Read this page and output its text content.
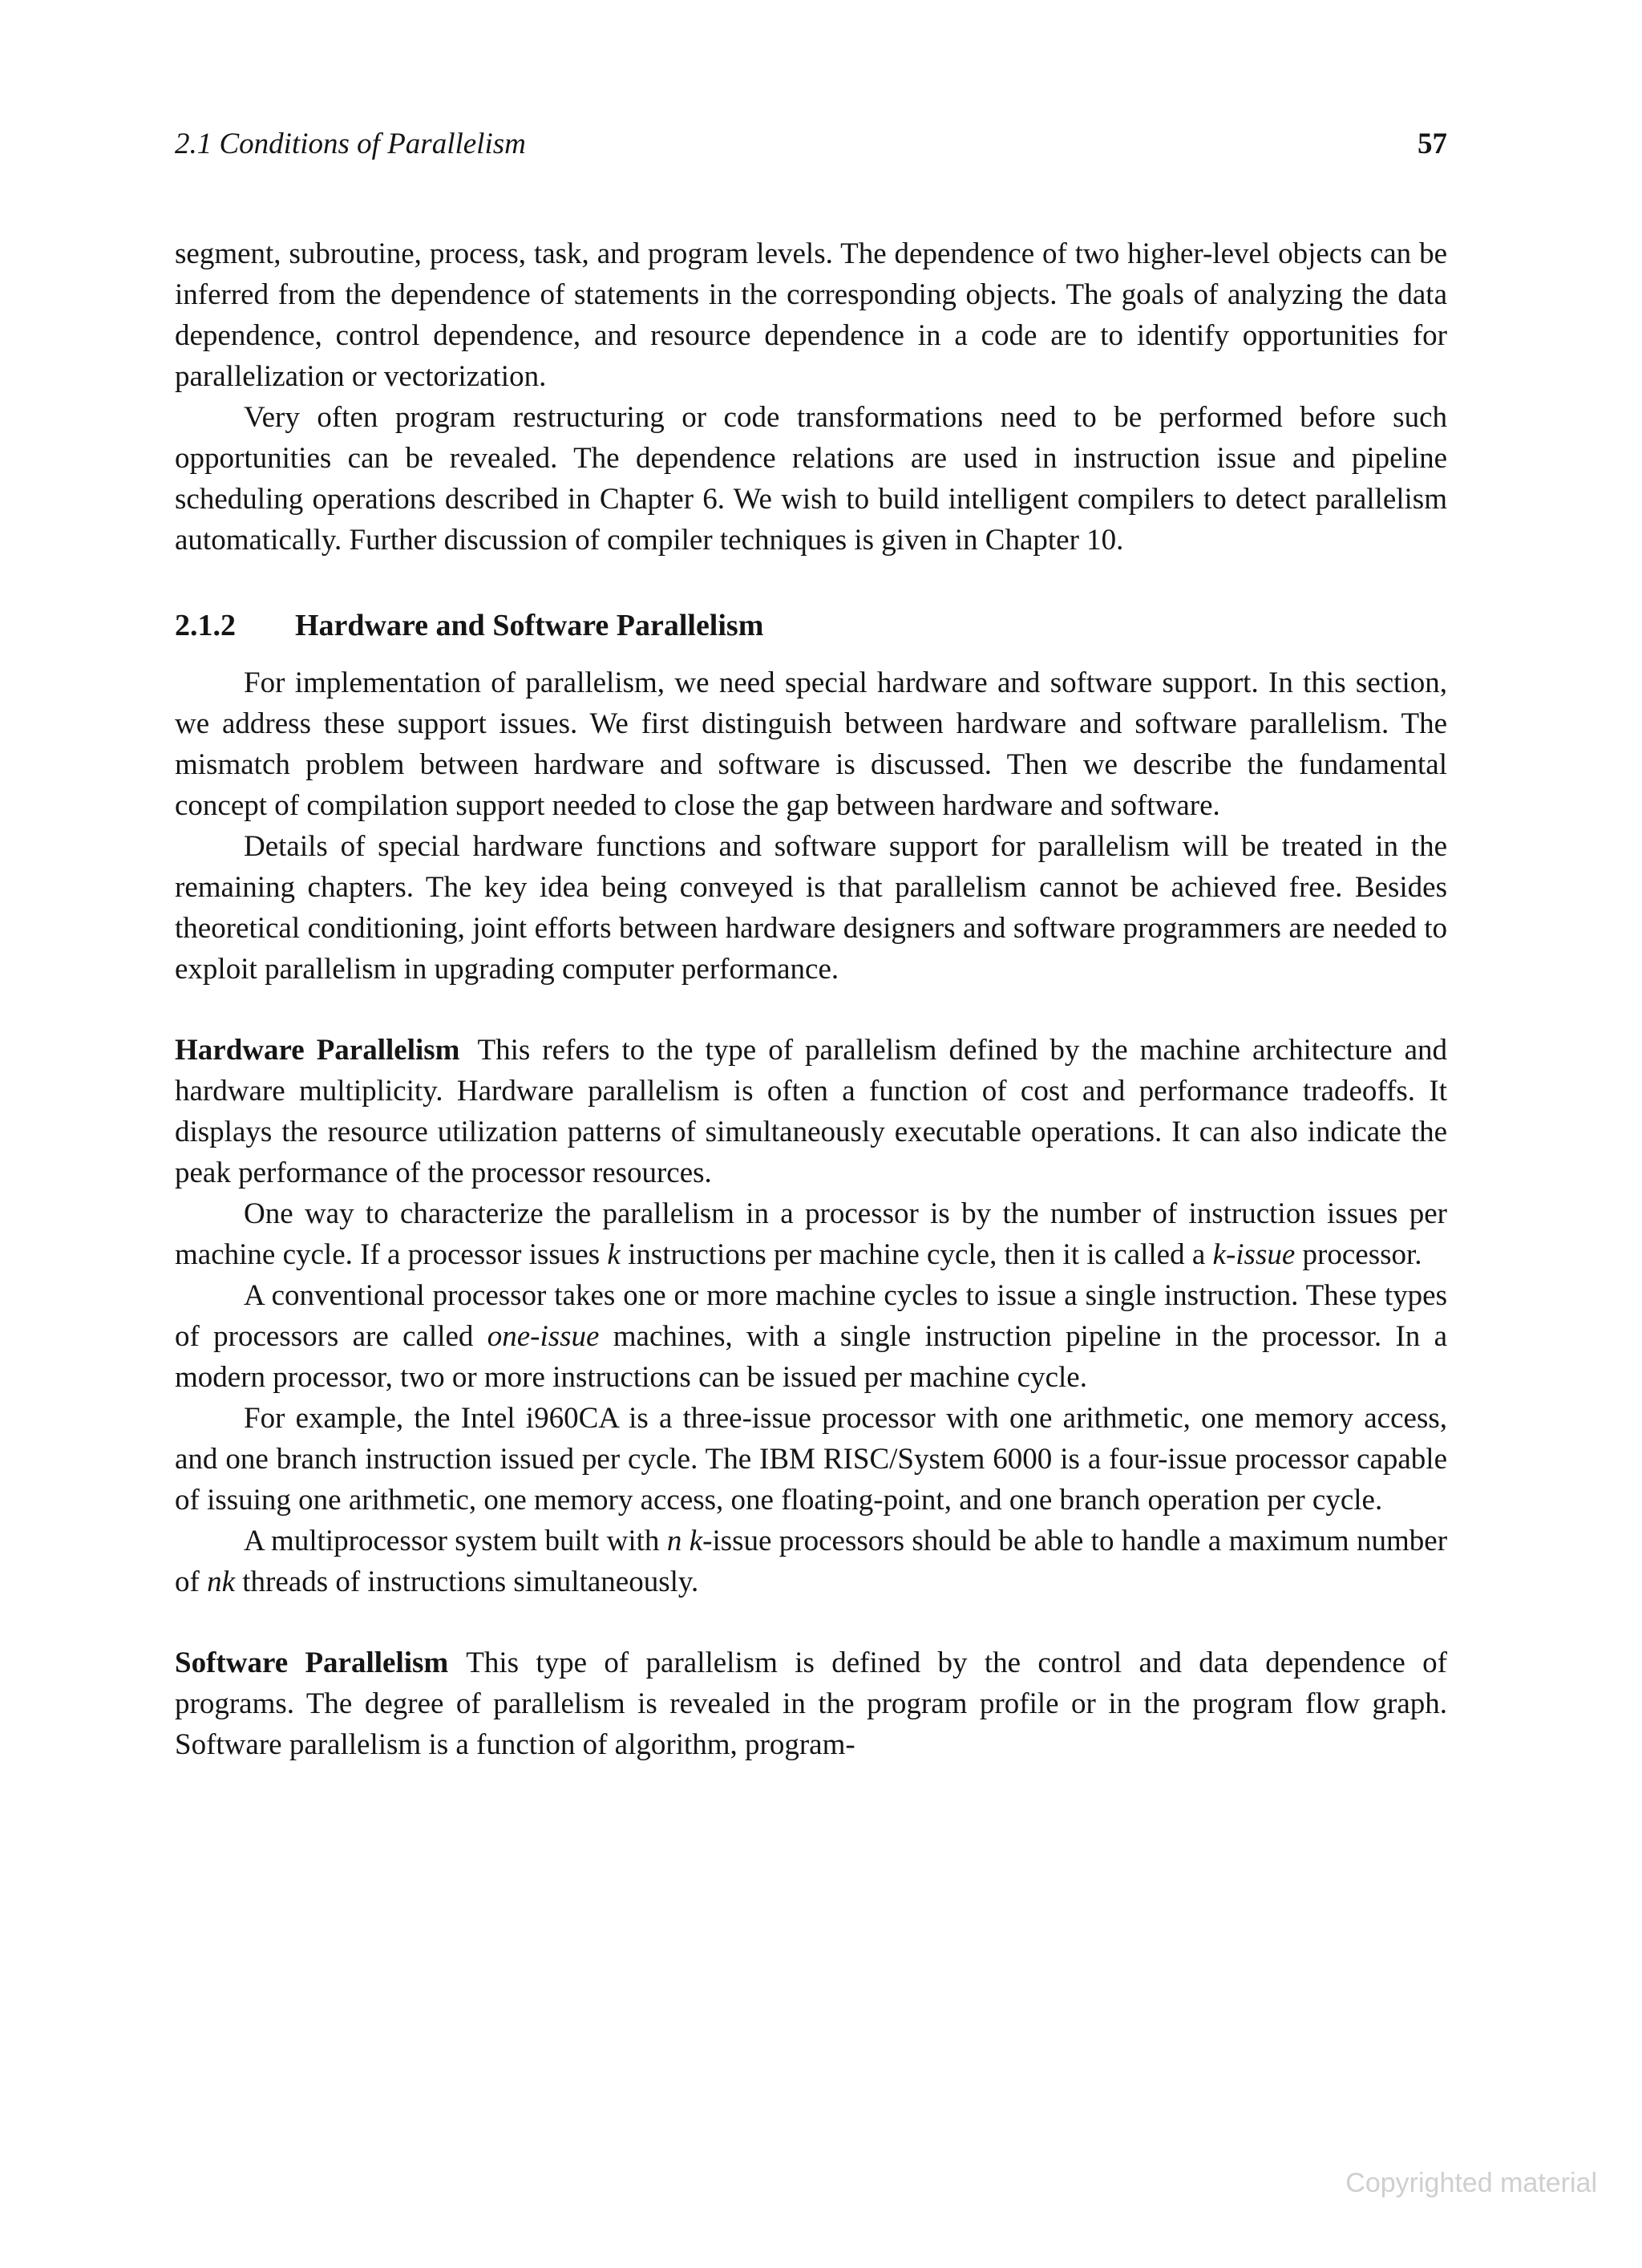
2.1 Conditions of Parallelism	57

segment, subroutine, process, task, and program levels. The dependence of two higher-level objects can be inferred from the dependence of statements in the corresponding objects. The goals of analyzing the data dependence, control dependence, and resource dependence in a code are to identify opportunities for parallelization or vectorization.

Very often program restructuring or code transformations need to be performed before such opportunities can be revealed. The dependence relations are used in instruction issue and pipeline scheduling operations described in Chapter 6. We wish to build intelligent compilers to detect parallelism automatically. Further discussion of compiler techniques is given in Chapter 10.

2.1.2 Hardware and Software Parallelism

For implementation of parallelism, we need special hardware and software support. In this section, we address these support issues. We first distinguish between hardware and software parallelism. The mismatch problem between hardware and software is discussed. Then we describe the fundamental concept of compilation support needed to close the gap between hardware and software.

Details of special hardware functions and software support for parallelism will be treated in the remaining chapters. The key idea being conveyed is that parallelism cannot be achieved free. Besides theoretical conditioning, joint efforts between hardware designers and software programmers are needed to exploit parallelism in upgrading computer performance.

Hardware Parallelism This refers to the type of parallelism defined by the machine architecture and hardware multiplicity. Hardware parallelism is often a function of cost and performance tradeoffs. It displays the resource utilization patterns of simultaneously executable operations. It can also indicate the peak performance of the processor resources.

One way to characterize the parallelism in a processor is by the number of instruction issues per machine cycle. If a processor issues k instructions per machine cycle, then it is called a k-issue processor.

A conventional processor takes one or more machine cycles to issue a single instruction. These types of processors are called one-issue machines, with a single instruction pipeline in the processor. In a modern processor, two or more instructions can be issued per machine cycle.

For example, the Intel i960CA is a three-issue processor with one arithmetic, one memory access, and one branch instruction issued per cycle. The IBM RISC/System 6000 is a four-issue processor capable of issuing one arithmetic, one memory access, one floating-point, and one branch operation per cycle.

A multiprocessor system built with n k-issue processors should be able to handle a maximum number of nk threads of instructions simultaneously.

Software Parallelism This type of parallelism is defined by the control and data dependence of programs. The degree of parallelism is revealed in the program profile or in the program flow graph. Software parallelism is a function of algorithm, program-

Copyrighted material
